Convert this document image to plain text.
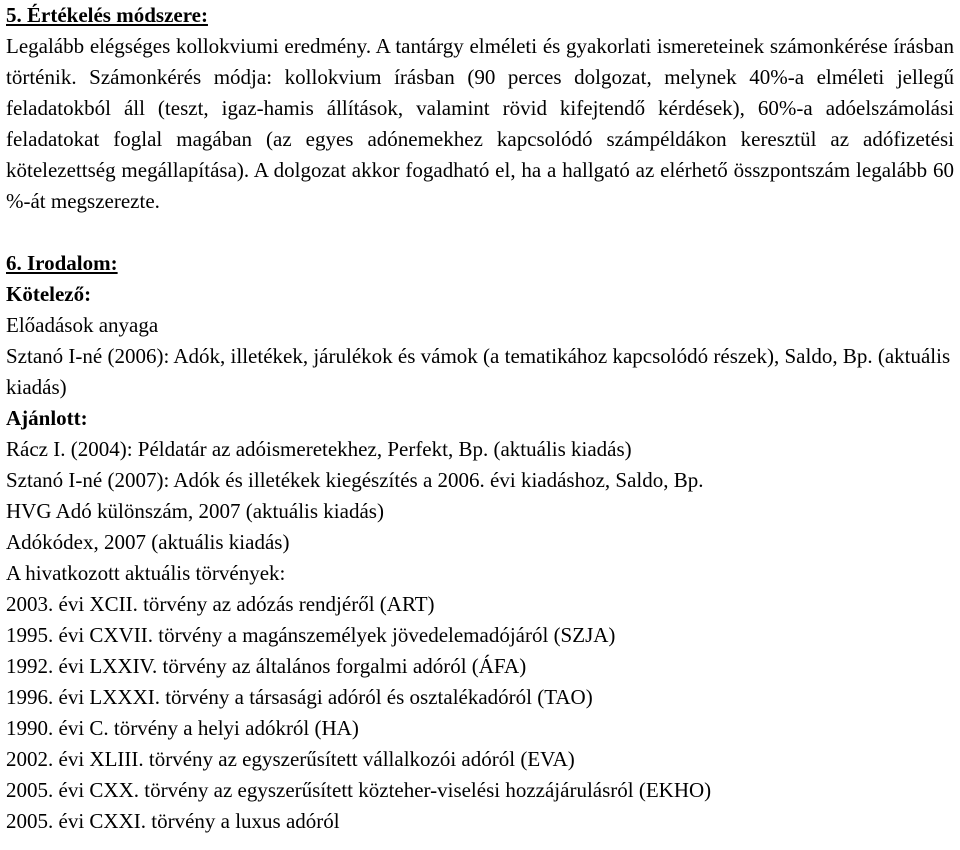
5. Értékelés módszere:

Legalább elégséges kollokviumi eredmény. A tantárgy elméleti és gyakorlati ismereteinek számonkérése írásban történik. Számonkérés módja: kollokvium írásban (90 perces dolgozat, melynek 40%-a elméleti jellegű feladatokból áll (teszt, igaz-hamis állítások, valamint rövid kifejtendő kérdések), 60%-a adóelszámolási feladatokat foglal magában (az egyes adónemekhez kapcsolódó számpéldákon keresztül az adófizetési kötelezettség megállapítása). A dolgozat akkor fogadható el, ha a hallgató az elérhető összpontszám legalább 60 %-át megszerezte.

6. Irodalom:
Kötelező:
Előadások anyaga
Sztanó I-né (2006): Adók, illetékek, járulékok és vámok (a tematikához kapcsolódó részek), Saldo, Bp. (aktuális kiadás)
Ajánlott:
Rácz I. (2004): Példatár az adóismeretekhez, Perfekt, Bp. (aktuális kiadás)
Sztanó I-né (2007): Adók és illetékek kiegészítés a 2006. évi kiadáshoz, Saldo, Bp.
HVG Adó különszám, 2007 (aktuális kiadás)
Adókódex, 2007 (aktuális kiadás)
A hivatkozott aktuális törvények:
2003. évi XCII. törvény az adózás rendjéről (ART)
1995. évi CXVII. törvény a magánszemélyek jövedelemadójáról (SZJA)
1992. évi LXXIV. törvény az általános forgalmi adóról (ÁFA)
1996. évi LXXXI. törvény a társasági adóról és osztalékadóról (TAO)
1990. évi C. törvény a helyi adókról (HA)
2002. évi XLIII. törvény az egyszerűsített vállalkozói adóról (EVA)
2005. évi CXX. törvény az egyszerűsített közteher-viselési hozzájárulásról (EKHO)
2005. évi CXXI. törvény a luxus adóról
